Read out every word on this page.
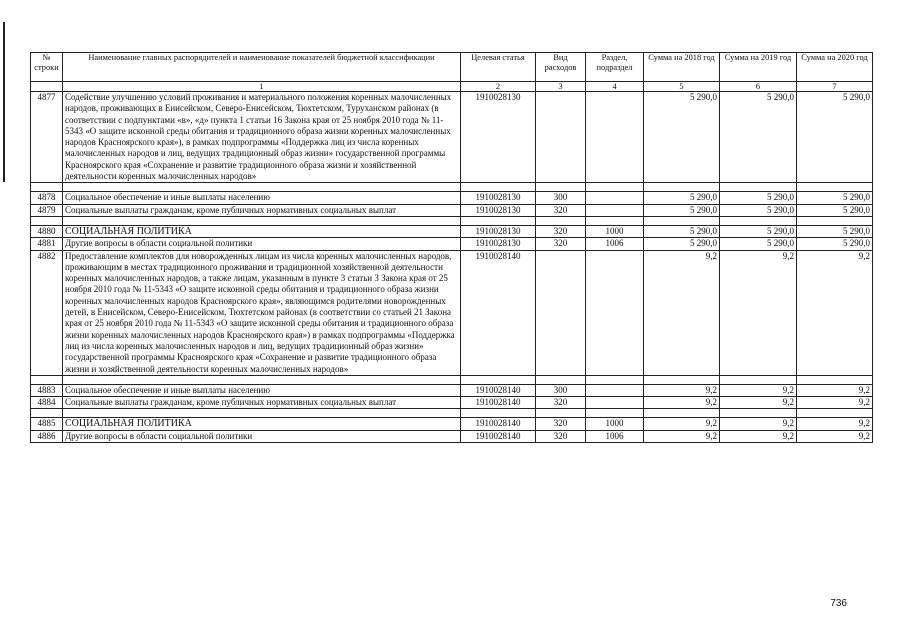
№ строки	Наименование главных распорядителей и наименование показателей бюджетной классификации	Целевая статья	Вид расходов	Раздел, подраздел	Сумма на 2018 год	Сумма на 2019 год	Сумма на 2020 год
	1	2	3	4	5	6	7
4877	Содействие улучшению условий проживания и материального положения коренных малочисленных народов, проживающих в Енисейском, Северо-Енисейском, Тюхтетском, Туруханском районах (в соответствии с подпунктами «в», «д» пункта 1 статьи 16 Закона края от 25 ноября 2010 года № 11-5343 «О защите исконной среды обитания и традиционного образа жизни коренных малочисленных народов Красноярского края»), в рамках подпрограммы «Поддержка лиц из числа коренных малочисленных народов и лиц, ведущих традиционный образ жизни» государственной программы Красноярского края «Сохранение и развитие традиционного образа жизни и хозяйственной деятельности коренных малочисленных народов»	1910028130			5 290,0	5 290,0	5 290,0

4878	Социальное обеспечение и иные выплаты населению	1910028130	300		5 290,0	5 290,0	5 290,0
4879	Социальные выплаты гражданам, кроме публичных нормативных социальных выплат	1910028130	320		5 290,0	5 290,0	5 290,0

4880	СОЦИАЛЬНАЯ ПОЛИТИКА	1910028130	320	1000	5 290,0	5 290,0	5 290,0
4881	Другие вопросы в области социальной политики	1910028130	320	1006	5 290,0	5 290,0	5 290,0
4882	Предоставление комплектов для новорожденных лицам из числа коренных малочисленных народов, проживающим в местах традиционного проживания и традиционной хозяйственной деятельности коренных малочисленных народов, а также лицам, указанным в пункте 3 статьи 3 Закона края от 25 ноября 2010 года № 11-5343 «О защите исконной среды обитания и традиционного образа жизни коренных малочисленных народов Красноярского края», являющимся родителями новорожденных детей, в Енисейском, Северо-Енисейском, Тюхтетском районах (в соответствии со статьей 21 Закона края от 25 ноября 2010 года № 11-5343 «О защите исконной среды обитания и традиционного образа жизни коренных малочисленных народов Красноярского края») в рамках подпрограммы «Поддержка лиц из числа коренных малочисленных народов и лиц, ведущих традиционный образ жизни» государственной программы Красноярского края «Сохранение и развитие традиционного образа жизни и хозяйственной деятельности коренных малочисленных народов»	1910028140			9,2	9,2	9,2

4883	Социальное обеспечение и иные выплаты населению	1910028140	300		9,2	9,2	9,2
4884	Социальные выплаты гражданам, кроме публичных нормативных социальных выплат	1910028140	320		9,2	9,2	9,2

4885	СОЦИАЛЬНАЯ ПОЛИТИКА	1910028140	320	1000	9,2	9,2	9,2
4886	Другие вопросы в области социальной политики	1910028140	320	1006	9,2	9,2	9,2
736
